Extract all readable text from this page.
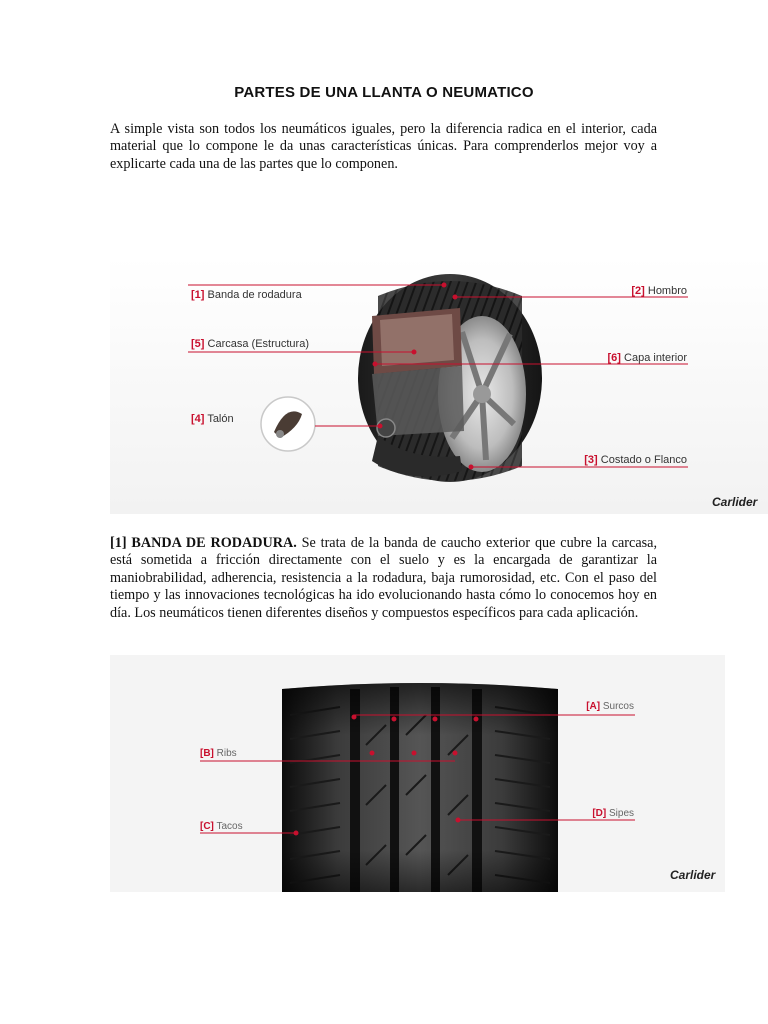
PARTES DE UNA LLANTA O NEUMATICO
A simple vista son todos los neumáticos iguales, pero la diferencia radica en el interior, cada material que lo compone le da unas características únicas. Para comprenderlos mejor voy a explicarte cada una de las partes que lo componen.
[1] Banda de rodadura	[2] Hombro
[5] Carcasa (Estructura)
[6] Capa interior
[4] Talón
[3] Costado o Flanco
Carlider
[1] BANDA DE RODADURA. Se trata de la banda de caucho exterior que cubre la carcasa, está sometida a fricción directamente con el suelo y es la encargada de garantizar la maniobrabilidad, adherencia, resistencia a la rodadura, baja rumorosidad, etc. Con el paso del tiempo y las innovaciones tecnológicas ha ido evolucionando hasta cómo lo conocemos hoy en día. Los neumáticos tienen diferentes diseños y compuestos específicos para cada aplicación.
[A] Surcos
[B] Ribs
[C] Tacos
[D] Sipes
Carlider
